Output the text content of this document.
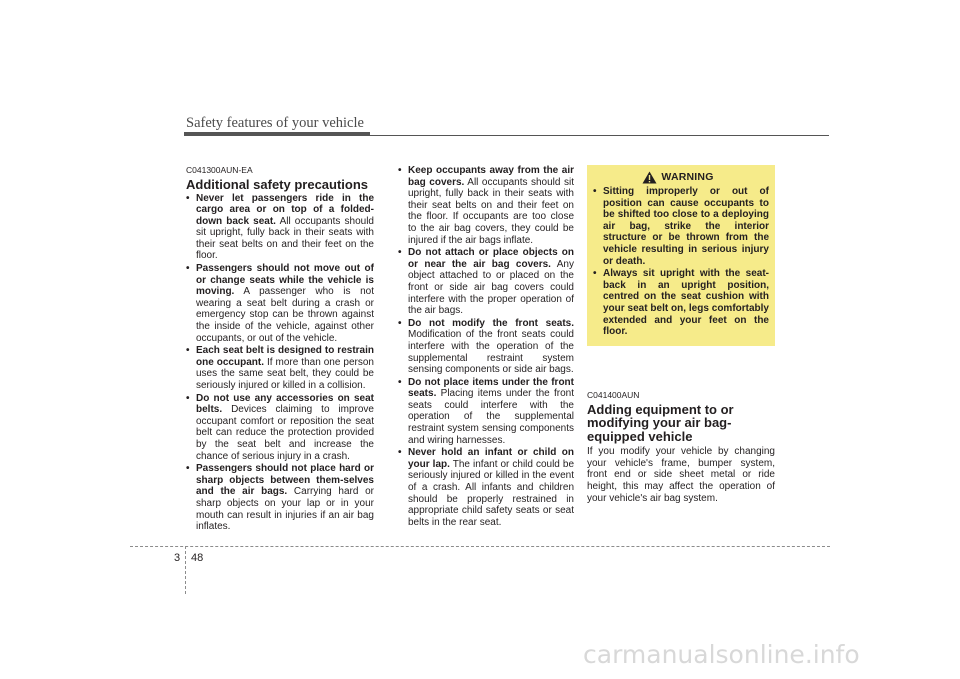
Safety features of your vehicle
C041300AUN-EA
Additional safety precautions
• Never let passengers ride in the cargo area or on top of a folded-down back seat. All occupants should sit upright, fully back in their seats with their seat belts on and their feet on the floor.
• Passengers should not move out of or change seats while the vehicle is moving. A passenger who is not wearing a seat belt during a crash or emergency stop can be thrown against the inside of the vehicle, against other occupants, or out of the vehicle.
• Each seat belt is designed to restrain one occupant. If more than one person uses the same seat belt, they could be seriously injured or killed in a collision.
• Do not use any accessories on seat belts. Devices claiming to improve occupant comfort or reposition the seat belt can reduce the protection provided by the seat belt and increase the chance of serious injury in a crash.
• Passengers should not place hard or sharp objects between them-selves and the air bags. Carrying hard or sharp objects on your lap or in your mouth can result in injuries if an air bag inflates.
• Keep occupants away from the air bag covers. All occupants should sit upright, fully back in their seats with their seat belts on and their feet on the floor. If occupants are too close to the air bag covers, they could be injured if the air bags inflate.
• Do not attach or place objects on or near the air bag covers. Any object attached to or placed on the front or side air bag covers could interfere with the proper operation of the air bags.
• Do not modify the front seats. Modification of the front seats could interfere with the operation of the supplemental restraint system sensing components or side air bags.
• Do not place items under the front seats. Placing items under the front seats could interfere with the operation of the supplemental restraint system sensing components and wiring harnesses.
• Never hold an infant or child on your lap. The infant or child could be seriously injured or killed in the event of a crash. All infants and children should be properly restrained in appropriate child safety seats or seat belts in the rear seat.
WARNING
• Sitting improperly or out of position can cause occupants to be shifted too close to a deploying air bag, strike the interior structure or be thrown from the vehicle resulting in serious injury or death.
• Always sit upright with the seat-back in an upright position, centred on the seat cushion with your seat belt on, legs comfortably extended and your feet on the floor.
C041400AUN
Adding equipment to or modifying your air bag-equipped vehicle

If you modify your vehicle by changing your vehicle's frame, bumper system, front end or side sheet metal or ride height, this may affect the operation of your vehicle's air bag system.

3 48
carmanualsonline.info
